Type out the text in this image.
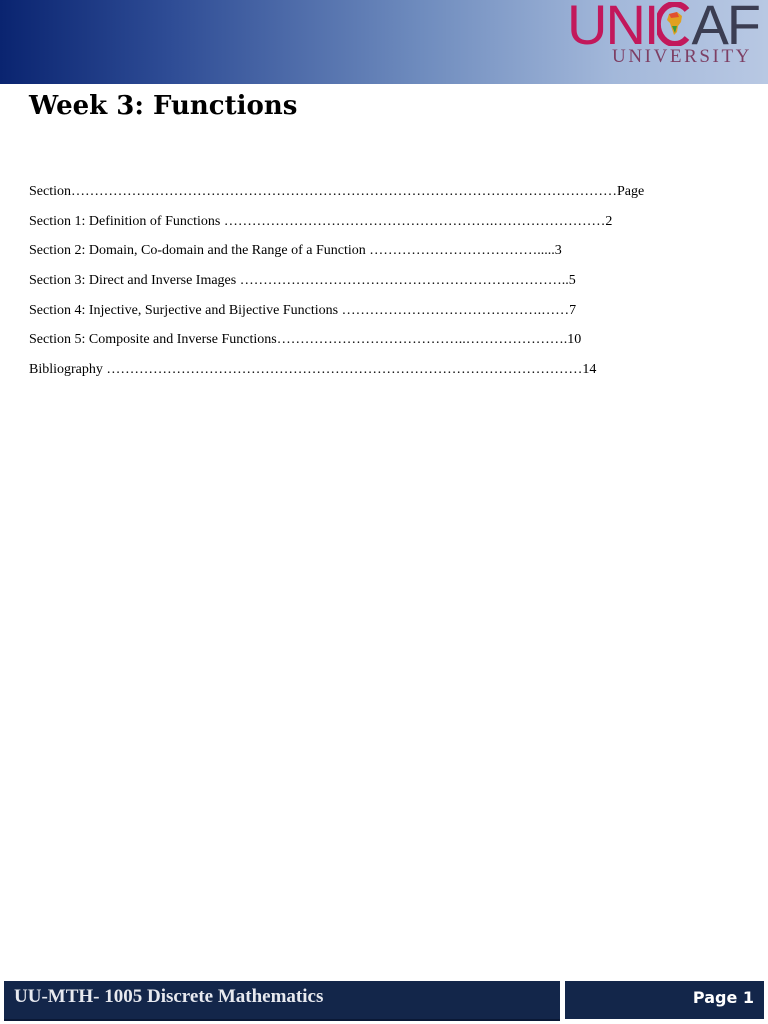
UNI AF
UNIVERSITY
Week 3: Functions
Section………………………………………………………………………………………………………Page
Section 1: Definition of Functions ………………………………………………….……………………2
Section 2: Domain, Co-domain and the Range of a Function ……………………………….....3
Section 3: Direct and Inverse Images ……………………………………………………………..5
Section 4: Injective, Surjective and Bijective Functions …………………………………….……7
Section 5: Composite and Inverse Functions…………………………………..………………….10
Bibliography …………………………………………………………………………………………14
UU-MTH- 1005 Discrete Mathematics	Page 1
